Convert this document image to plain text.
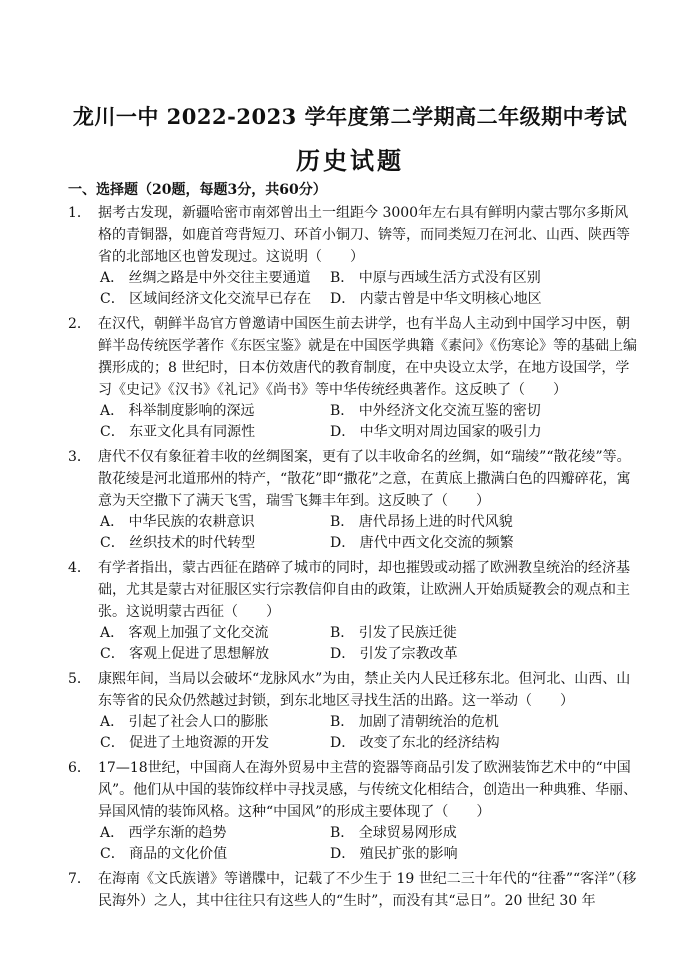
龙川一中 2022-2023 学年度第二学期高二年级期中考试
历史试题
一、选择题（20题，每题3分，共60分）
1． 据考古发现，新疆哈密市南郊曾出土一组距今 3000年左右具有鲜明内蒙古鄂尔多斯风格的青铜器，如鹿首弯背短刀、环首小铜刀、锛等，而同类短刀在河北、山西、陕西等省的北部地区也曾发现过。这说明（　　）
A． 丝绸之路是中外交往主要通道	B． 中原与西域生活方式没有区别
C． 区域间经济文化交流早已存在	D． 内蒙古曾是中华文明核心地区
2． 在汉代，朝鲜半岛官方曾邀请中国医生前去讲学，也有半岛人主动到中国学习中医，朝鲜半岛传统医学著作《东医宝鉴》就是在中国医学典籍《素问》《伤寒论》等的基础上编撰形成的；8 世纪时，日本仿效唐代的教育制度，在中央设立太学，在地方设国学，学习《史记》《汉书》《礼记》《尚书》等中华传统经典著作。这反映了（　　）
A． 科举制度影响的深远	B． 中外经济文化交流互鉴的密切
C． 东亚文化具有同源性	D． 中华文明对周边国家的吸引力
3． 唐代不仅有象征着丰收的丝绸图案，更有了以丰收命名的丝绸，如“瑞绫”“散花绫”等。散花绫是河北道邢州的特产，“散花”即“撒花”之意，在黄底上撒满白色的四瓣碎花，寓意为天空撒下了满天飞雪，瑞雪飞舞丰年到。这反映了（　　）
A． 中华民族的农耕意识	B． 唐代昂扬上进的时代风貌
C． 丝织技术的时代转型	D． 唐代中西文化交流的频繁
4． 有学者指出，蒙古西征在踏碎了城市的同时，却也摧毁或动摇了欧洲教皇统治的经济基础，尤其是蒙古对征服区实行宗教信仰自由的政策，让欧洲人开始质疑教会的观点和主张。这说明蒙古西征（　　）
A． 客观上加强了文化交流	B． 引发了民族迁徙
C． 客观上促进了思想解放	D． 引发了宗教改革
5． 康熙年间，当局以会破坏“龙脉风水”为由，禁止关内人民迁移东北。但河北、山西、山东等省的民众仍然越过封锁，到东北地区寻找生活的出路。这一举动（　　）
A． 引起了社会人口的膨胀	B． 加剧了清朝统治的危机
C． 促进了土地资源的开发	D． 改变了东北的经济结构
6． 17—18世纪，中国商人在海外贸易中主营的瓷器等商品引发了欧洲装饰艺术中的“中国风”。他们从中国的装饰纹样中寻找灵感，与传统文化相结合，创造出一种典雅、华丽、异国风情的装饰风格。这种“中国风”的形成主要体现了（　　）
A． 西学东渐的趋势	B． 全球贸易网形成
C． 商品的文化价值	D． 殖民扩张的影响
7． 在海南《文氏族谱》等谱牒中，记载了不少生于 19 世纪二三十年代的“往番”“客洋”（移民海外）之人，其中往往只有这些人的“生时”，而没有其“忌日”。20 世纪 30 年
